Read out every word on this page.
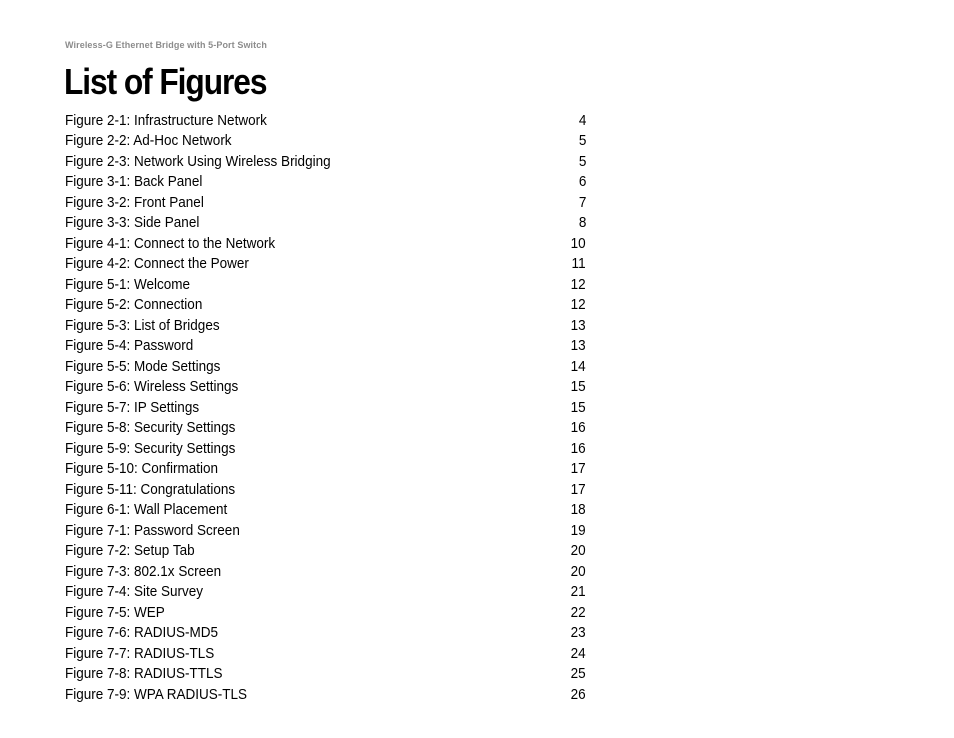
Wireless-G Ethernet Bridge with 5-Port Switch
List of Figures
Figure 2-1: Infrastructure Network	4
Figure 2-2: Ad-Hoc Network	5
Figure 2-3: Network Using Wireless Bridging	5
Figure 3-1: Back Panel	6
Figure 3-2: Front Panel	7
Figure 3-3: Side Panel	8
Figure 4-1: Connect to the Network	10
Figure 4-2: Connect the Power	11
Figure 5-1: Welcome	12
Figure 5-2: Connection	12
Figure 5-3: List of Bridges	13
Figure 5-4: Password	13
Figure 5-5: Mode Settings	14
Figure 5-6: Wireless Settings	15
Figure 5-7: IP Settings	15
Figure 5-8: Security Settings	16
Figure 5-9: Security Settings	16
Figure 5-10: Confirmation	17
Figure 5-11: Congratulations	17
Figure 6-1: Wall Placement	18
Figure 7-1: Password Screen	19
Figure 7-2: Setup Tab	20
Figure 7-3: 802.1x Screen	20
Figure 7-4: Site Survey	21
Figure 7-5: WEP	22
Figure 7-6: RADIUS-MD5	23
Figure 7-7: RADIUS-TLS	24
Figure 7-8: RADIUS-TTLS	25
Figure 7-9: WPA RADIUS-TLS	26
